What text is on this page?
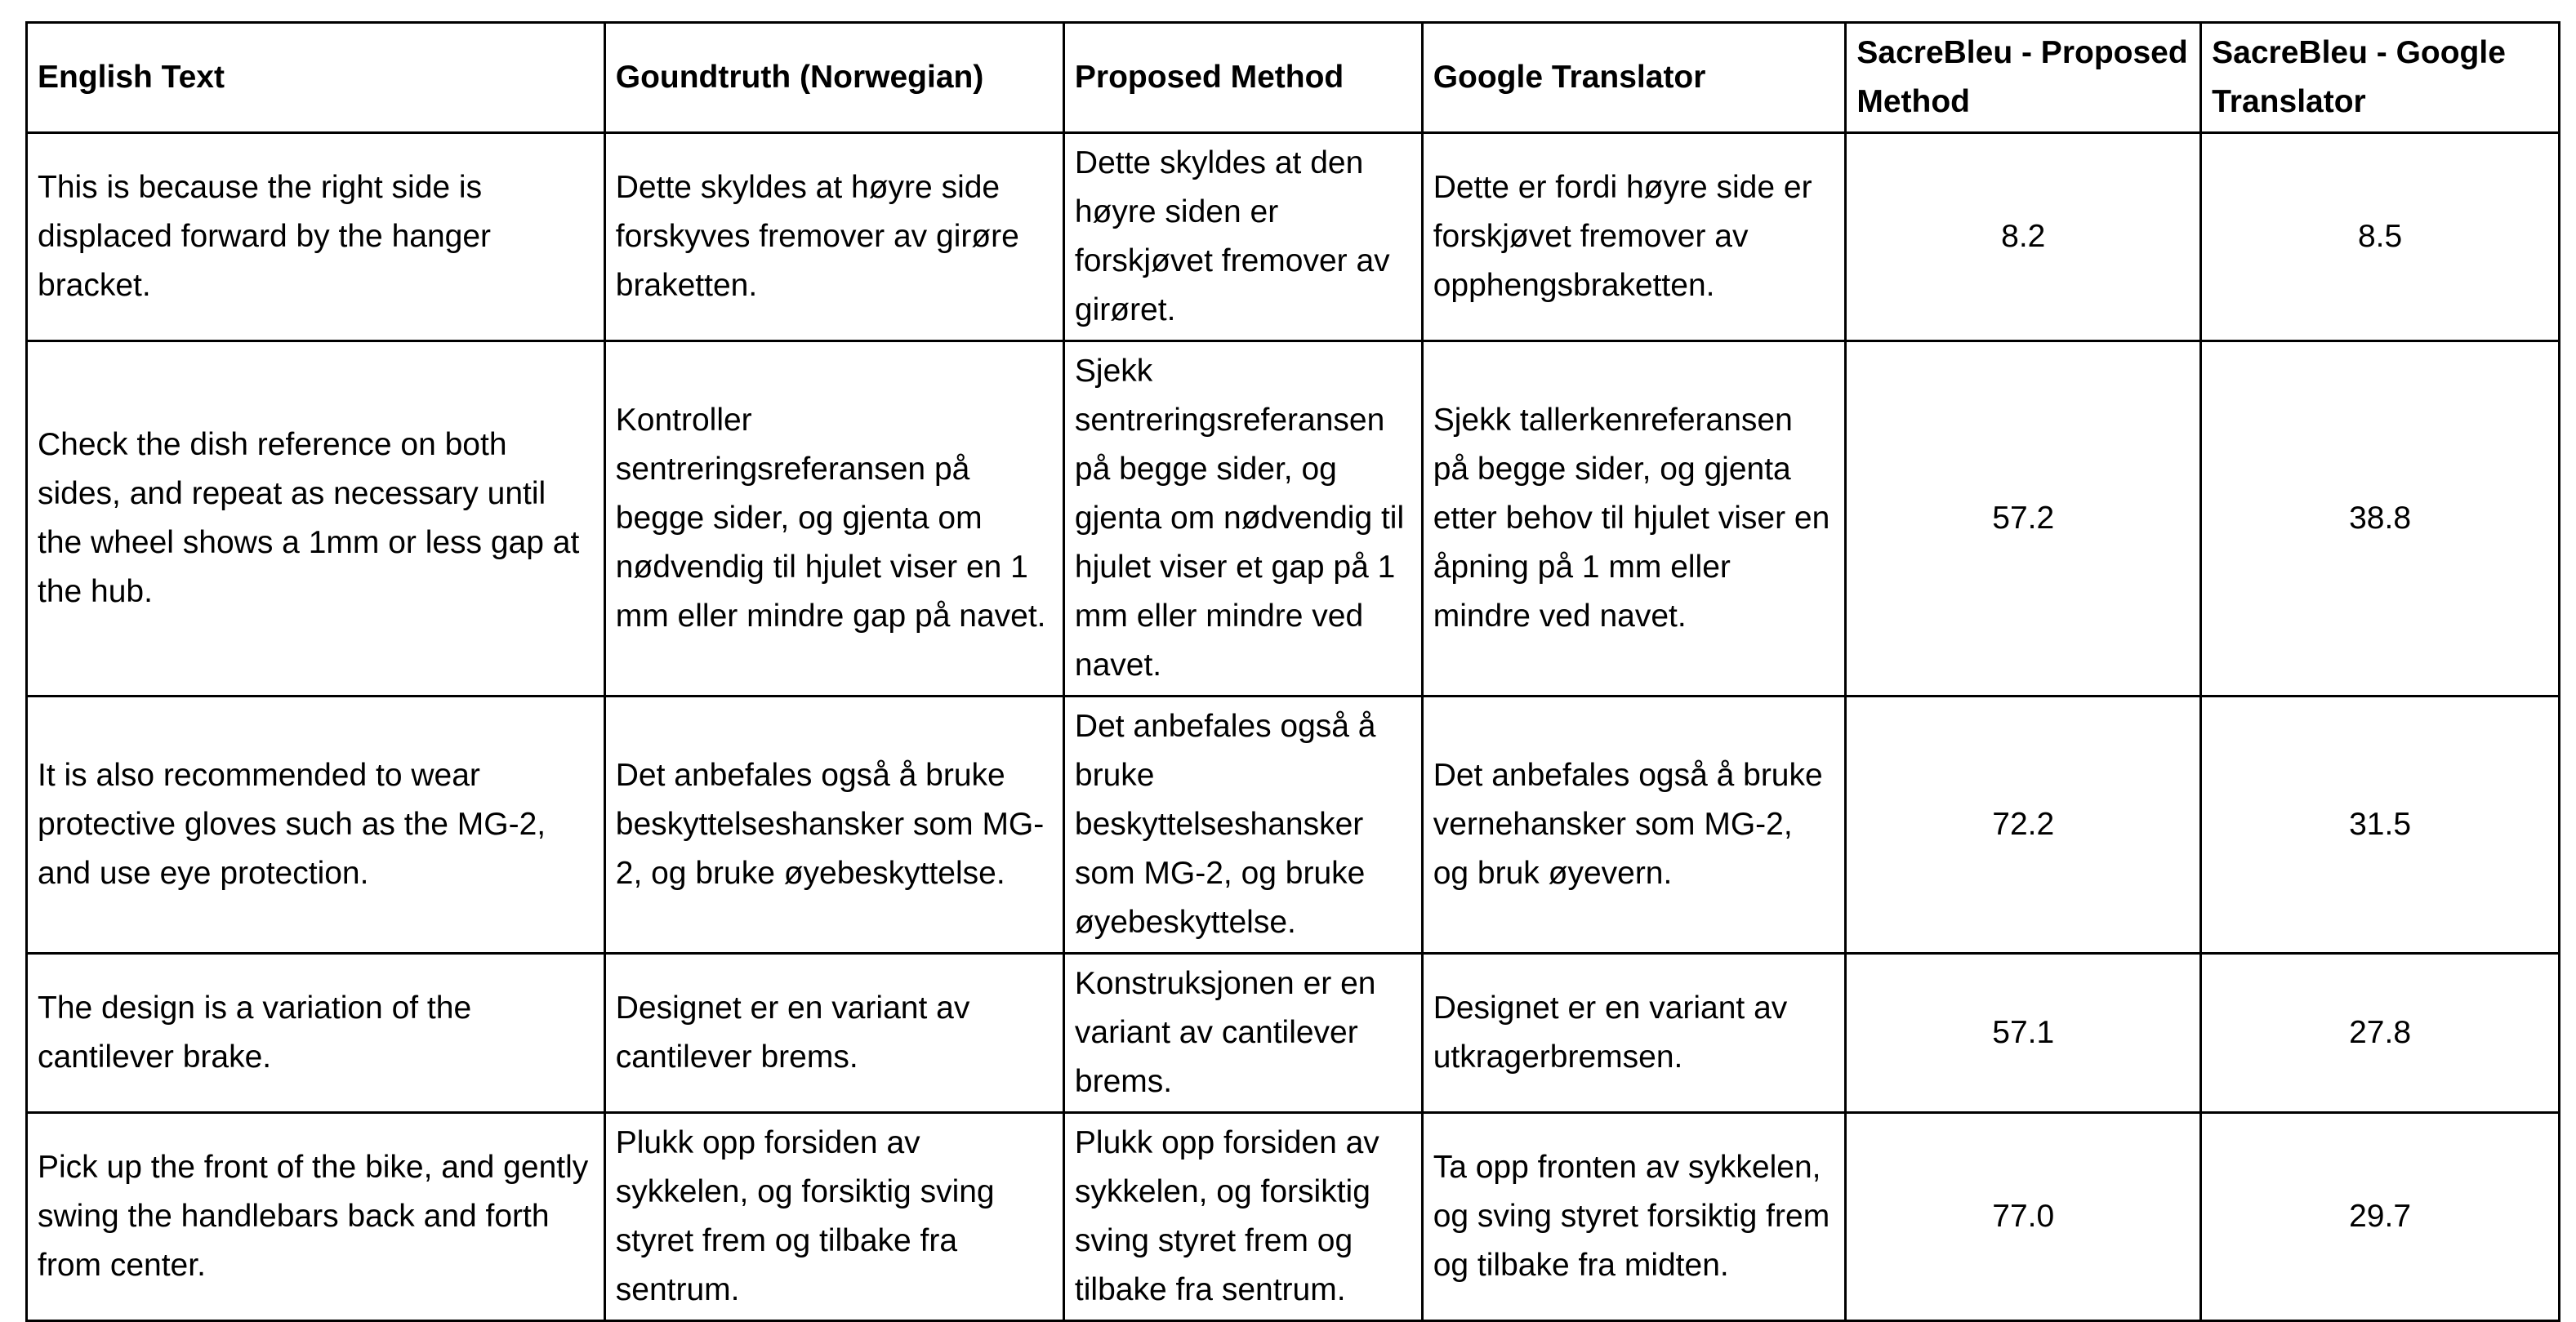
English Text	Goundtruth (Norwegian)	Proposed Method	Google Translator	SacreBleu - Proposed Method	SacreBleu - Google Translator
This is because the right side is displaced forward by the hanger bracket.	Dette skyldes at høyre side forskyves fremover av girøre braketten.	Dette skyldes at den høyre siden er forskjøvet fremover av girøret.	Dette er fordi høyre side er forskjøvet fremover av opphengsbraketten.	8.2	8.5
Check the dish reference on both sides, and repeat as necessary until the wheel shows a 1mm or less gap at the hub.	Kontroller sentreringsreferansen på begge sider, og gjenta om nødvendig til hjulet viser en 1 mm eller mindre gap på navet.	Sjekk sentreringsreferansen på begge sider, og gjenta om nødvendig til hjulet viser et gap på 1 mm eller mindre ved navet.	Sjekk tallerkenreferansen på begge sider, og gjenta etter behov til hjulet viser en åpning på 1 mm eller mindre ved navet.	57.2	38.8
It is also recommended to wear protective gloves such as the MG-2, and use eye protection.	Det anbefales også å bruke beskyttelseshansker som MG-2, og bruke øyebeskyttelse.	Det anbefales også å bruke beskyttelseshansker som MG-2, og bruke øyebeskyttelse.	Det anbefales også å bruke vernehansker som MG-2, og bruk øyevern.	72.2	31.5
The design is a variation of the cantilever brake.	Designet er en variant av cantilever brems.	Konstruksjonen er en variant av cantilever brems.	Designet er en variant av utkragerbremsen.	57.1	27.8
Pick up the front of the bike, and gently swing the handlebars back and forth from center.	Plukk opp forsiden av sykkelen, og forsiktig sving styret frem og tilbake fra sentrum.	Plukk opp forsiden av sykkelen, og forsiktig sving styret frem og tilbake fra sentrum.	Ta opp fronten av sykkelen, og sving styret forsiktig frem og tilbake fra midten.	77.0	29.7
